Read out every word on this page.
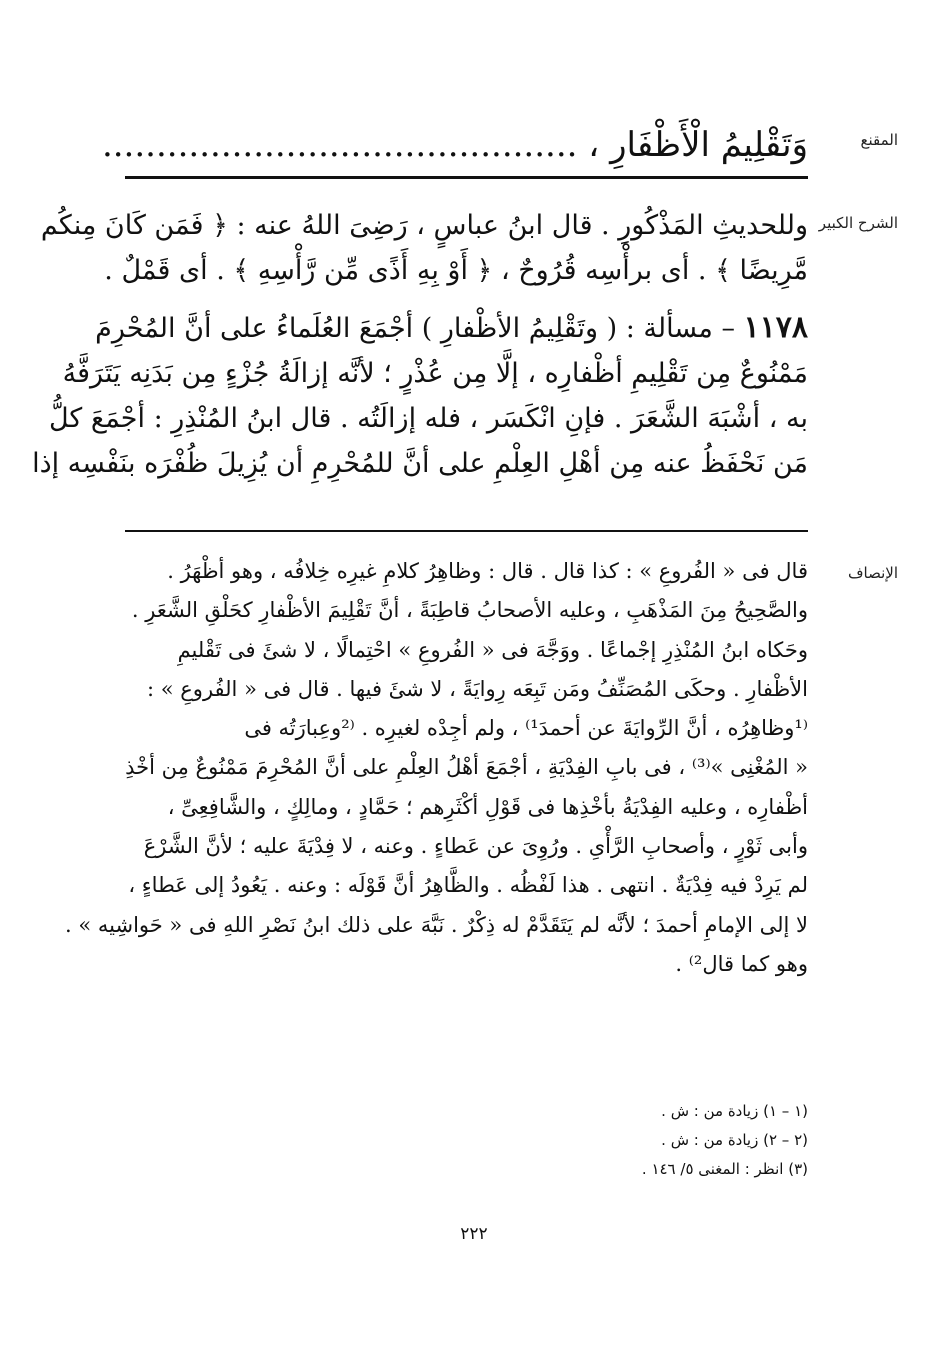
المقنع
وَتَقْلِيمُ الْأَظْفَارِ ، ............................................
الشرح الكبير
وللحديثِ المَذْكُورِ . قال ابنُ عباسٍ ، رَضِىَ اللهُ عنه : ﴿ فَمَن كَانَ مِنكُم
مَّرِيضًا ﴾ . أى برأْسِه قُرُوحٌ ، ﴿ أَوْ بِهِ أَذًى مِّن رَّأْسِهِ ﴾ . أى قَمْلٌ .
١١٧٨ – مسألة : ( وتَقْلِيمُ الأظْفارِ ) أجْمَعَ العُلَماءُ على أنَّ المُحْرِمَ
مَمْنُوعٌ مِن تَقْلِيمِ أظْفارِه ، إلَّا مِن عُذْرٍ ؛ لأنَّه إزالَةُ جُزْءٍ مِن بَدَنِه يَتَرَفَّهُ
به ، أشْبَهَ الشَّعَرَ . فإنِ انْكَسَر ، فله إزالَتُه . قال ابنُ المُنْذِرِ : أجْمَعَ كلُّ
مَن نَحْفَظُ عنه مِن أهْلِ العِلْمِ على أنَّ للمُحْرِمِ أن يُزِيلَ ظُفْرَه بنَفْسِه إذا
الإنصاف
قال فى « الفُروعِ » : كذا قال . قال : وظاهِرُ كلامِ غيرِه خِلافُه ، وهو أظْهَرُ .
والصَّحِيحُ مِنَ المَذْهَبِ ، وعليه الأصحابُ قاطِبَةً ، أنَّ تَقْلِيمَ الأظْفارِ كحَلْقِ الشَّعَرِ .
وحَكاه ابنُ المُنْذِرِ إجْماعًا . ووَجَّهَ فى « الفُروعِ » احْتِمالًا ، لا شئَ فى تَقْليمِ
الأظْفارِ . وحكَى المُصَنِّفُ ومَن تَبِعَه رِوايَةً ، لا شئَ فيها . قال فى « الفُروعِ » :
⁽¹وظاهِرُه ، أنَّ الرِّوايَةَ عن أحمدَ¹⁾ ، ولم أجِدْه لغيرِه . ⁽²وعِبارَتُه فى
« المُغْنِى »⁽³⁾ ، فى بابِ الفِدْيَةِ ، أجْمَعَ أهْلُ العِلْمِ على أنَّ المُحْرِمَ مَمْنُوعٌ مِن أخْذِ
أظْفارِه ، وعليه الفِدْيَةُ بأخْذِها فى قَوْلِ أكْثَرِهم ؛ حَمَّادٍ ، ومالِكٍ ، والشَّافِعِىِّ ،
وأبى ثَوْرٍ ، وأصحابِ الرَّأْىِ . ورُوِىَ عن عَطاءٍ . وعنه ، لا فِدْيَةَ عليه ؛ لأنَّ الشَّرْعَ
لم يَرِدْ فيه فِدْيَةٌ . انتهى . هذا لَفْظُه . والظَّاهِرُ أنَّ قَوْلَه : وعنه . يَعُودُ إلى عَطاءٍ ،
لا إلى الإمامِ أحمدَ ؛ لأنَّه لم يَتَقَدَّمْ له ذِكْرٌ . نَبَّهَ على ذلك ابنُ نَصْرِ اللهِ فى « حَواشِيه » .
وهو كما قال²⁾ .
(١ – ١) زيادة من : ش .
(٢ – ٢) زيادة من : ش .
(٣) انظر : المغنى ٥/ ١٤٦ .
٢٢٢
